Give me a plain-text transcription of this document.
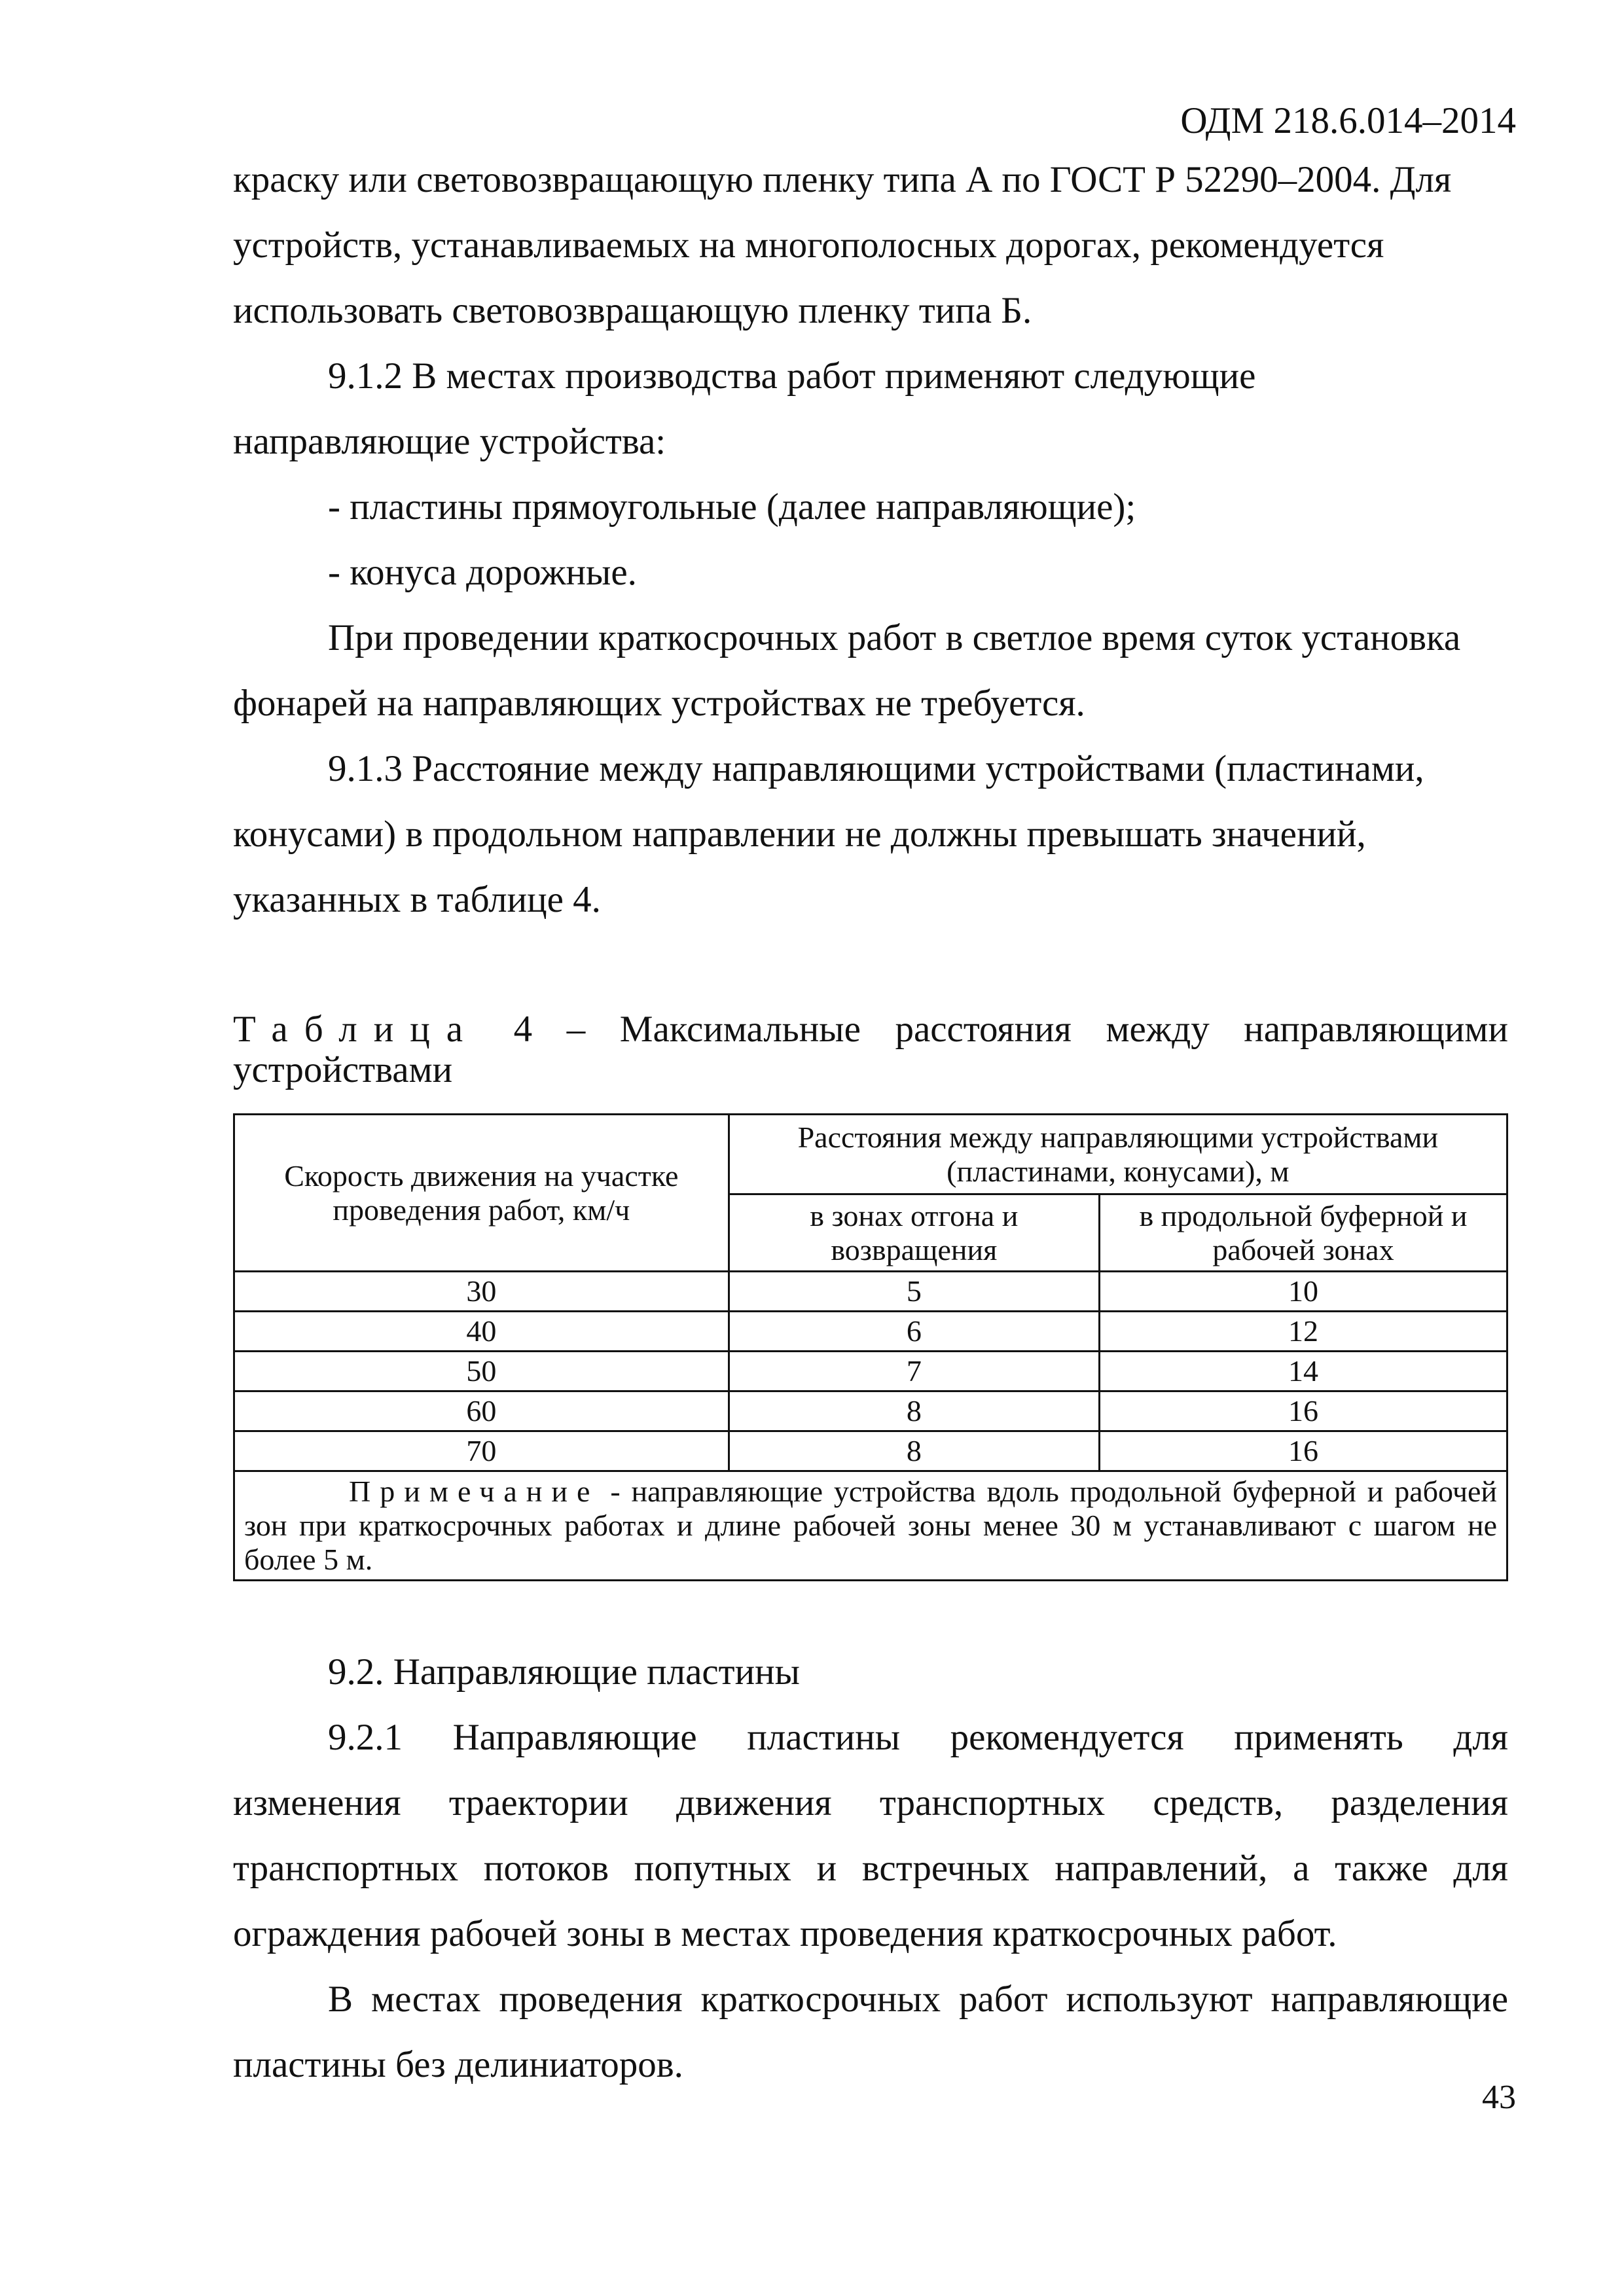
ОДМ 218.6.014–2014

краску или световозвращающую пленку типа А по ГОСТ Р 52290–2004. Для

устройств, устанавливаемых на многополосных дорогах, рекомендуется

использовать световозвращающую пленку типа Б.

9.1.2 В местах производства работ применяют следующие

направляющие устройства:

- пластины прямоугольные (далее направляющие);

- конуса дорожные.

При проведении краткосрочных работ в светлое время суток установка

фонарей на направляющих устройствах не требуется.

9.1.3 Расстояние между направляющими устройствами (пластинами,

конусами) в продольном направлении не должны превышать значений,

указанных в таблице 4.

Таблица 4 – Максимальные расстояния между направляющими

устройствами

Скорость движения на участке проведения работ, км/ч	Расстояния между направляющими устройствами (пластинами, конусами), м	
	в зонах отгона и возвращения	в продольной буферной и рабочей зонах
30	5	10
40	6	12
50	7	14
60	8	16
70	8	16
Примечание - направляющие устройства вдоль продольной буферной и рабочей зон при краткосрочных работах и длине рабочей зоны менее 30 м устанавливают с шагом не более 5 м.		

9.2. Направляющие пластины

9.2.1 Направляющие пластины рекомендуется применять для

изменения траектории движения транспортных средств, разделения

транспортных потоков попутных и встречных направлений, а также для

ограждения рабочей зоны в местах проведения краткосрочных работ.

В местах проведения краткосрочных работ используют направляющие

пластины без делиниаторов.

43
